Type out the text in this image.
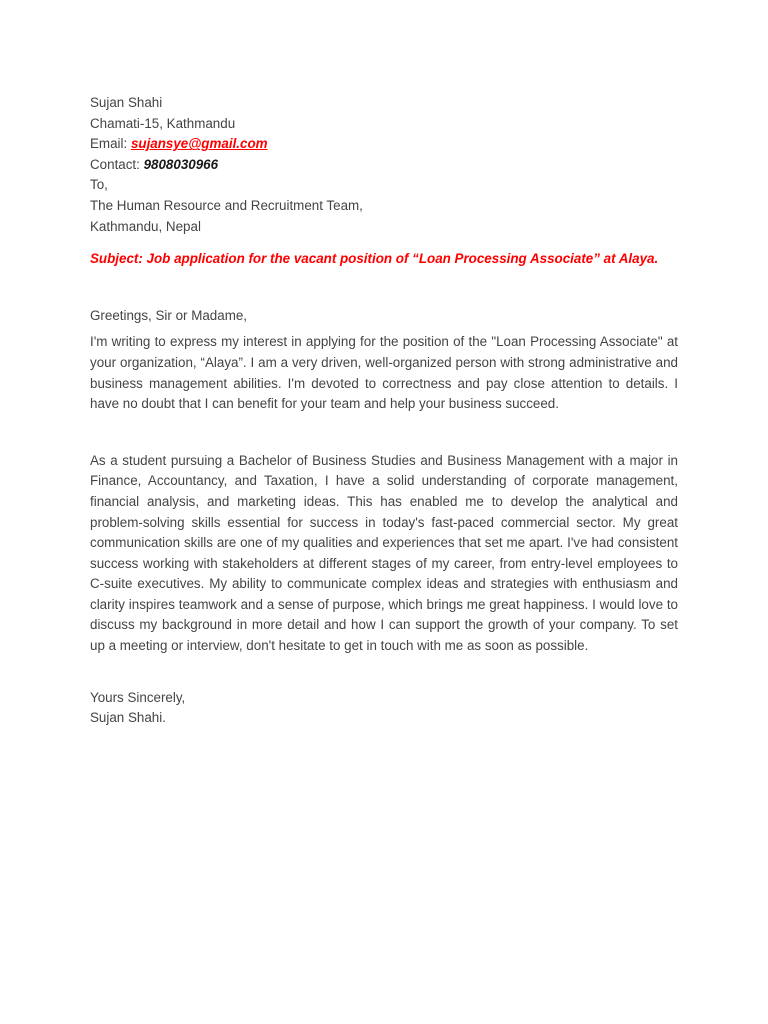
Sujan Shahi
Chamati-15, Kathmandu
Email: sujansye@gmail.com
Contact: 9808030966
To,
The Human Resource and Recruitment Team,
Kathmandu, Nepal
Subject: Job application for the vacant position of “Loan Processing Associate” at Alaya.
Greetings, Sir or Madame,
I'm writing to express my interest in applying for the position of the "Loan Processing Associate" at your organization, “Alaya”. I am a very driven, well-organized person with strong administrative and business management abilities. I'm devoted to correctness and pay close attention to details. I have no doubt that I can benefit for your team and help your business succeed.
As a student pursuing a Bachelor of Business Studies and Business Management with a major in Finance, Accountancy, and Taxation, I have a solid understanding of corporate management, financial analysis, and marketing ideas. This has enabled me to develop the analytical and problem-solving skills essential for success in today's fast-paced commercial sector. My great communication skills are one of my qualities and experiences that set me apart. I've had consistent success working with stakeholders at different stages of my career, from entry-level employees to C-suite executives. My ability to communicate complex ideas and strategies with enthusiasm and clarity inspires teamwork and a sense of purpose, which brings me great happiness. I would love to discuss my background in more detail and how I can support the growth of your company. To set up a meeting or interview, don't hesitate to get in touch with me as soon as possible.
Yours Sincerely,
Sujan Shahi.
